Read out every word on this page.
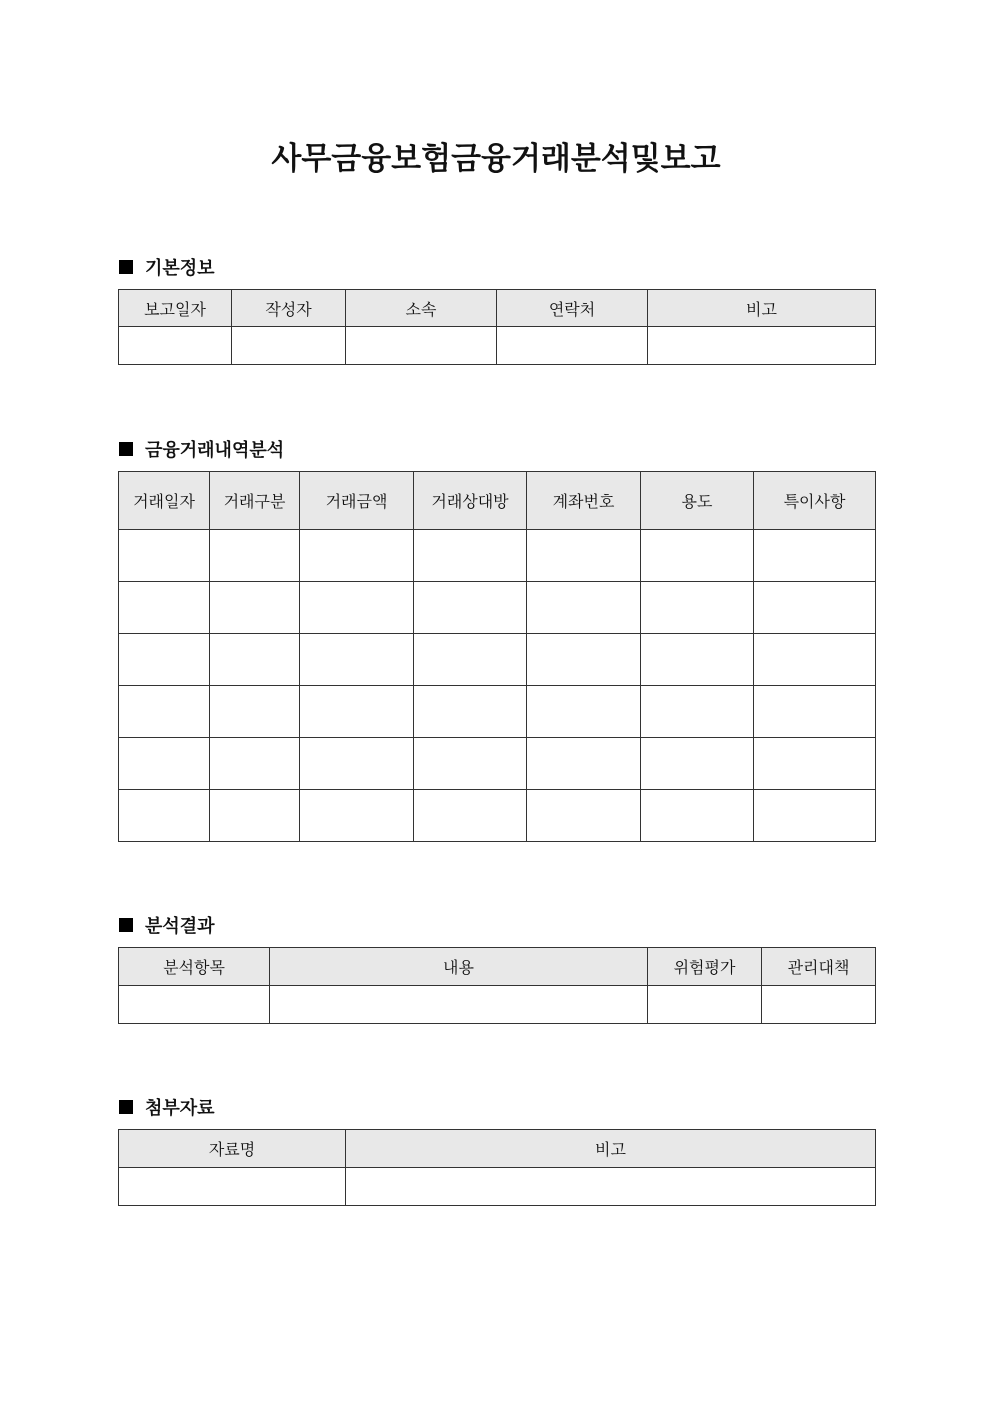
사무금융보험금융거래분석및보고
기본정보
보고일자	작성자	소속	연락처	비고

금융거래내역분석
거래일자	거래구분	거래금액	거래상대방	계좌번호	용도	특이사항

분석결과
분석항목	내용	위험평가	관리대책

첨부자료
자료명	비고
